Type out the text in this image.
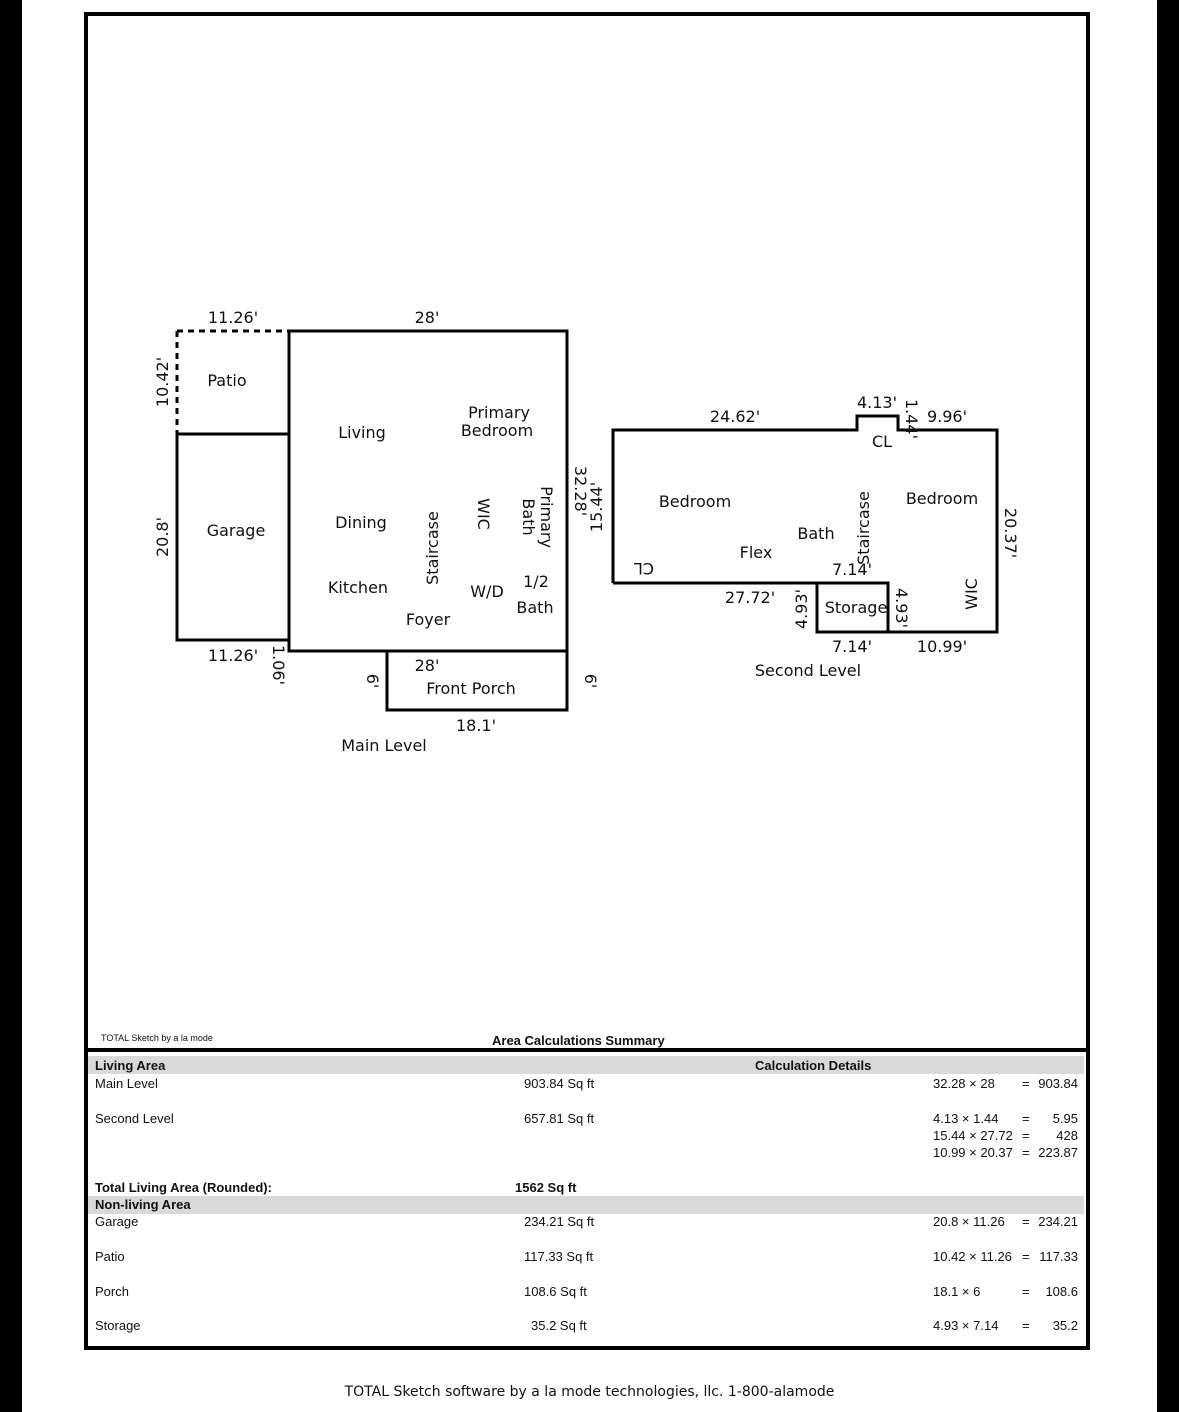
Patio
Garage
Living
Dining
Kitchen
Primary
Bedroom
Staircase WIC	Primary
Bath
W/D
1/2
Bath
Foyer
Front Porch
Main Level
11.26'	28'
10.42'
20.8'
11.26' 1.06'
32.28'
15.44'
6'
28'
6'
18.1'
Bedroom
Flex
Bath
CL
Staircase Bedroom
CL
Storage	WIC
Second Level
24.62'
4.13' 1.44' 9.96'
20.37'
7.14'
27.72' 4.93'	4.93'
7.14'	10.99'
TOTAL Sketch by a la mode	Area Calculations Summary
Living Area	Calculation Details
Main Level	903.84 Sq ft	32.28 × 28 = 903.84
Second Level	657.81 Sq ft	4.13 × 1.44 = 5.95
15.44 × 27.72 = 428
10.99 × 20.37 = 223.87
Total Living Area (Rounded):	1562 Sq ft
Non-living Area
Garage	234.21 Sq ft	20.8 × 11.26 = 234.21
Patio	117.33 Sq ft	10.42 × 11.26 = 117.33
Porch	108.6 Sq ft	18.1 × 6	= 108.6
Storage	35.2 Sq ft	4.93 × 7.14 = 35.2
TOTAL Sketch software by a la mode technologies, llc. 1-800-alamode
